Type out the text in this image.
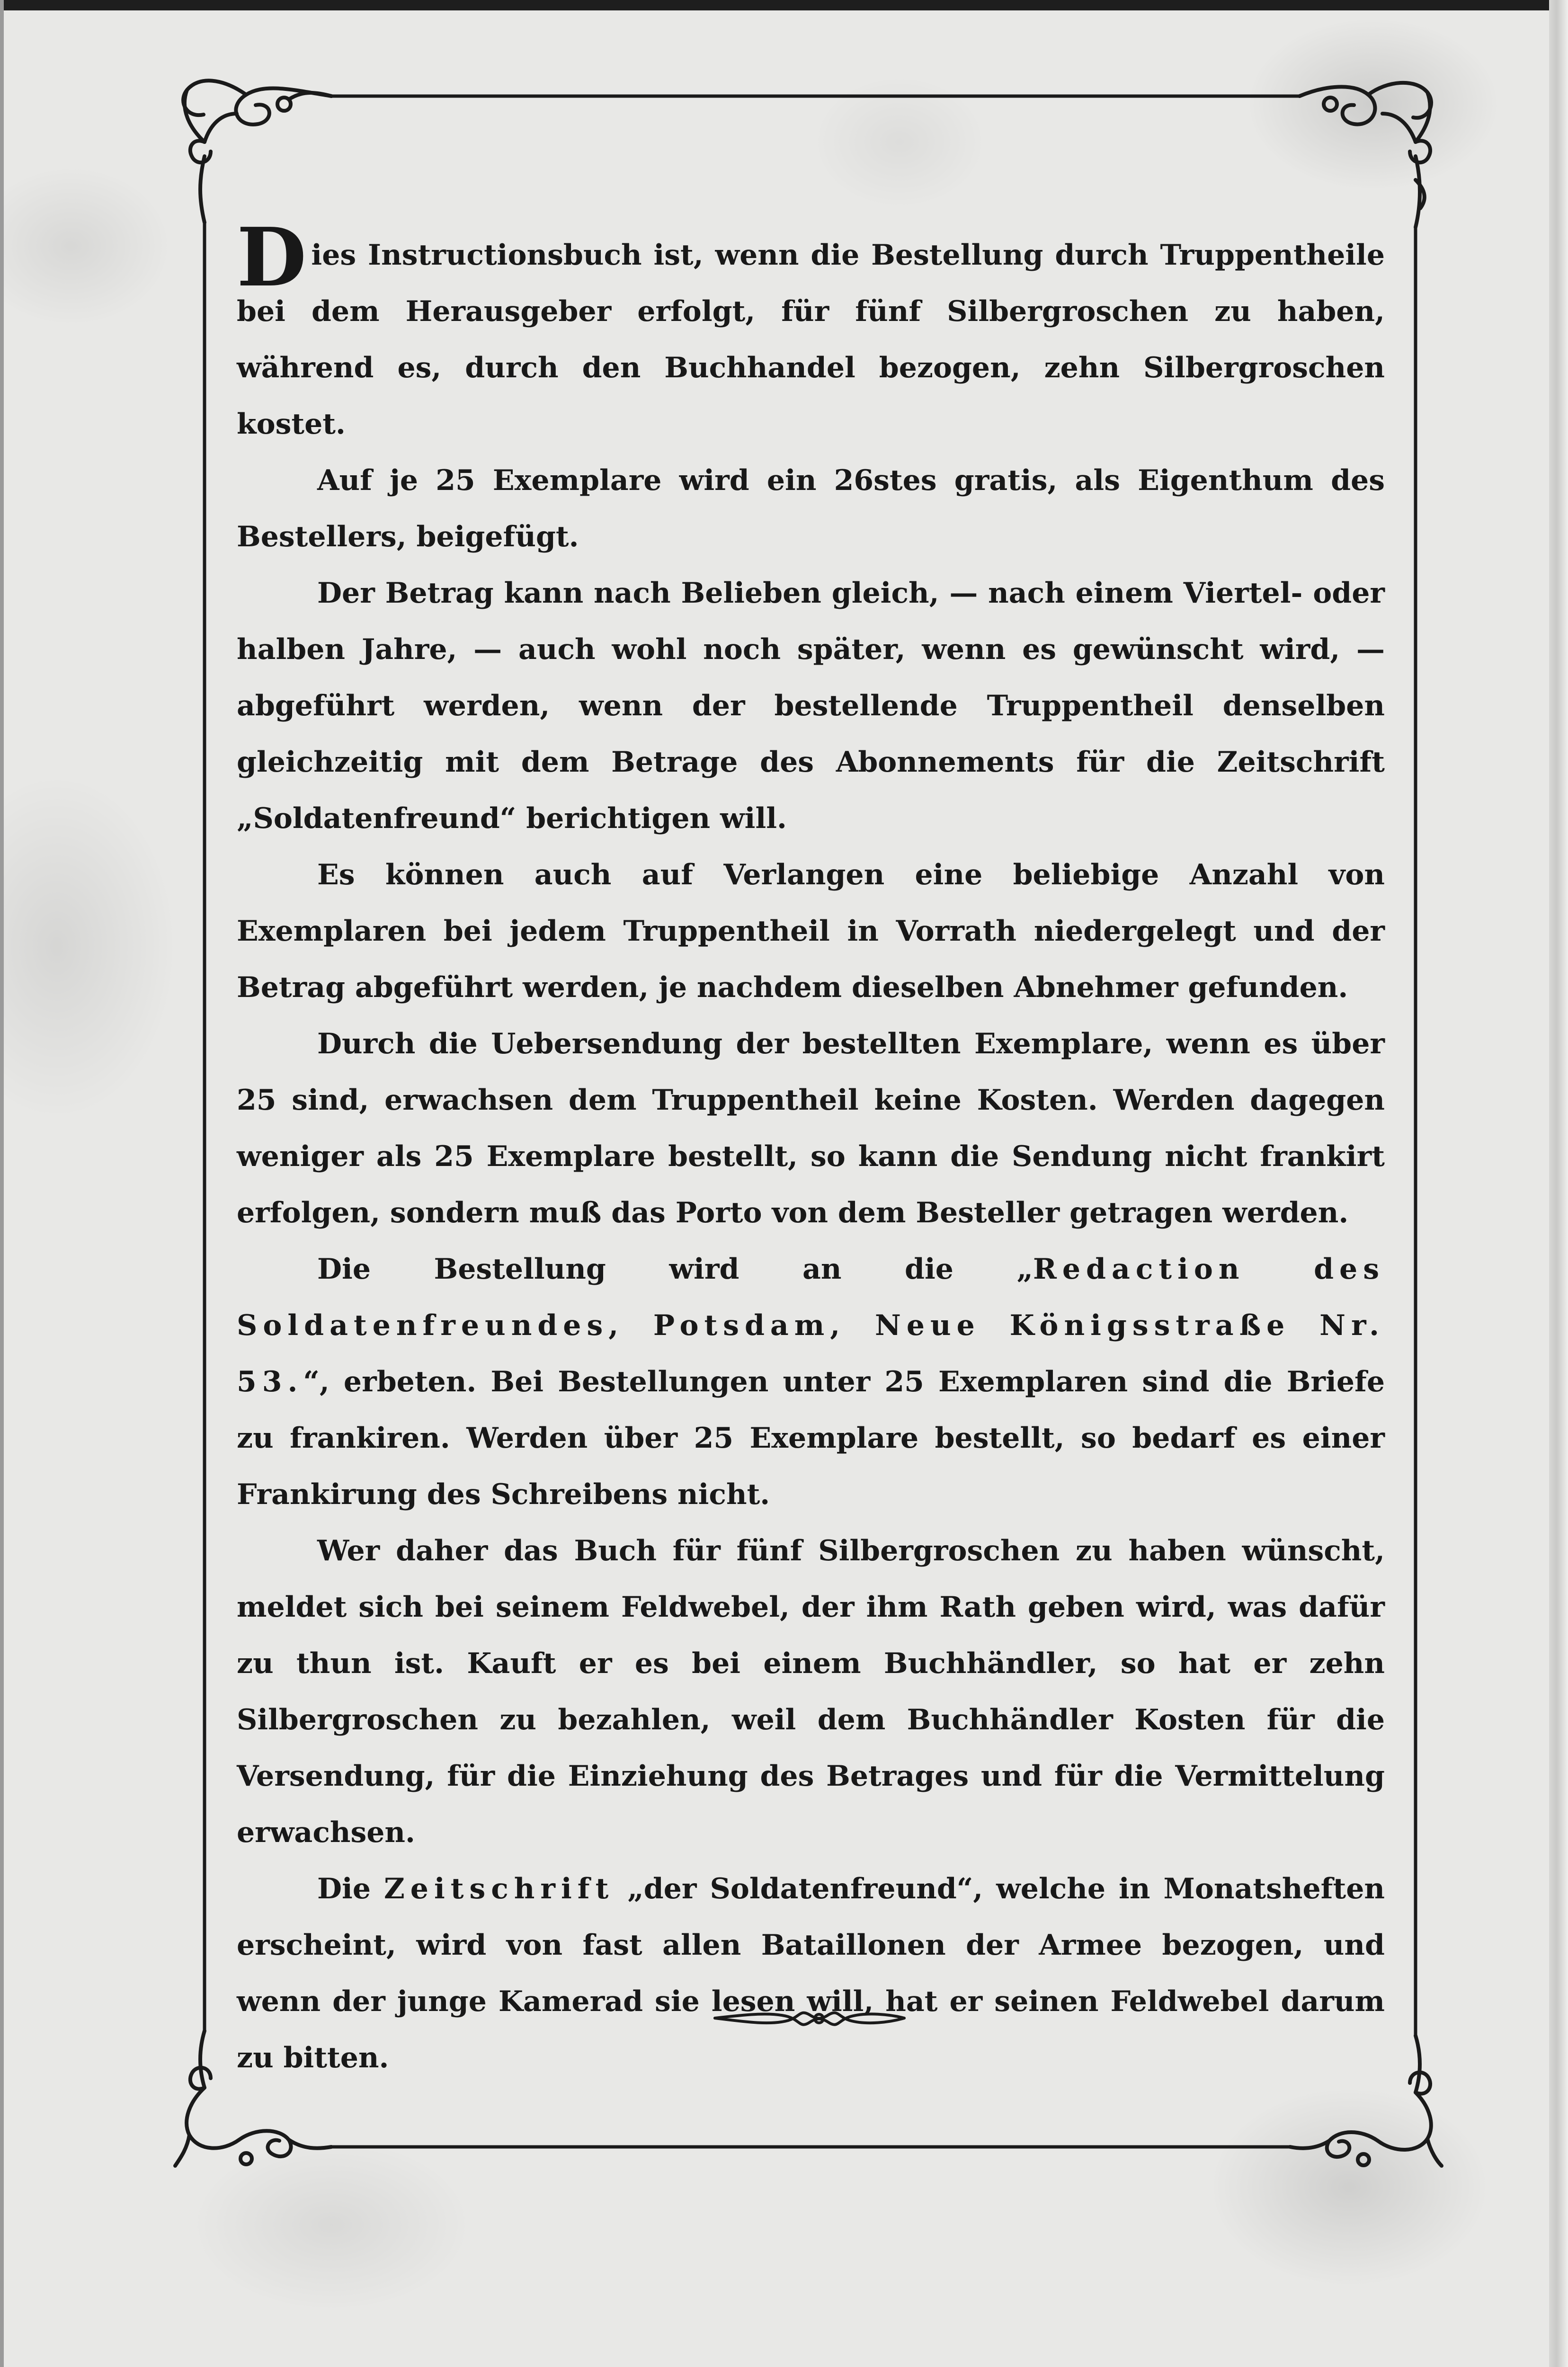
Dies Instructionsbuch ist, wenn die Bestellung durch Truppentheile bei dem Herausgeber erfolgt, für fünf Silbergroschen zu haben, während es, durch den Buchhandel bezogen, zehn Silbergroschen kostet.

Auf je 25 Exemplare wird ein 26stes gratis, als Eigenthum des Bestellers, beigefügt.

Der Betrag kann nach Belieben gleich, — nach einem Viertel- oder halben Jahre, — auch wohl noch später, wenn es gewünscht wird, — abgeführt werden, wenn der bestellende Truppentheil denselben gleichzeitig mit dem Betrage des Abonnements für die Zeitschrift „Soldatenfreund“ berichtigen will.

Es können auch auf Verlangen eine beliebige Anzahl von Exemplaren bei jedem Truppentheil in Vorrath niedergelegt und der Betrag abgeführt werden, je nachdem dieselben Abnehmer gefunden.

Durch die Uebersendung der bestellten Exemplare, wenn es über 25 sind, erwachsen dem Truppentheil keine Kosten. Werden dagegen weniger als 25 Exemplare bestellt, so kann die Sendung nicht frankirt erfolgen, sondern muß das Porto von dem Besteller getragen werden.

Die Bestellung wird an die „Redaction des Soldatenfreundes, Potsdam, Neue Königsstraße Nr. 53.“, erbeten. Bei Bestellungen unter 25 Exemplaren sind die Briefe zu frankiren. Werden über 25 Exemplare bestellt, so bedarf es einer Frankirung des Schreibens nicht.

Wer daher das Buch für fünf Silbergroschen zu haben wünscht, meldet sich bei seinem Feldwebel, der ihm Rath geben wird, was dafür zu thun ist. Kauft er es bei einem Buchhändler, so hat er zehn Silbergroschen zu bezahlen, weil dem Buchhändler Kosten für die Versendung, für die Einziehung des Betrages und für die Vermittelung erwachsen.

Die Zeitschrift „der Soldatenfreund“, welche in Monatsheften erscheint, wird von fast allen Bataillonen der Armee bezogen, und wenn der junge Kamerad sie lesen will, hat er seinen Feldwebel darum zu bitten.
